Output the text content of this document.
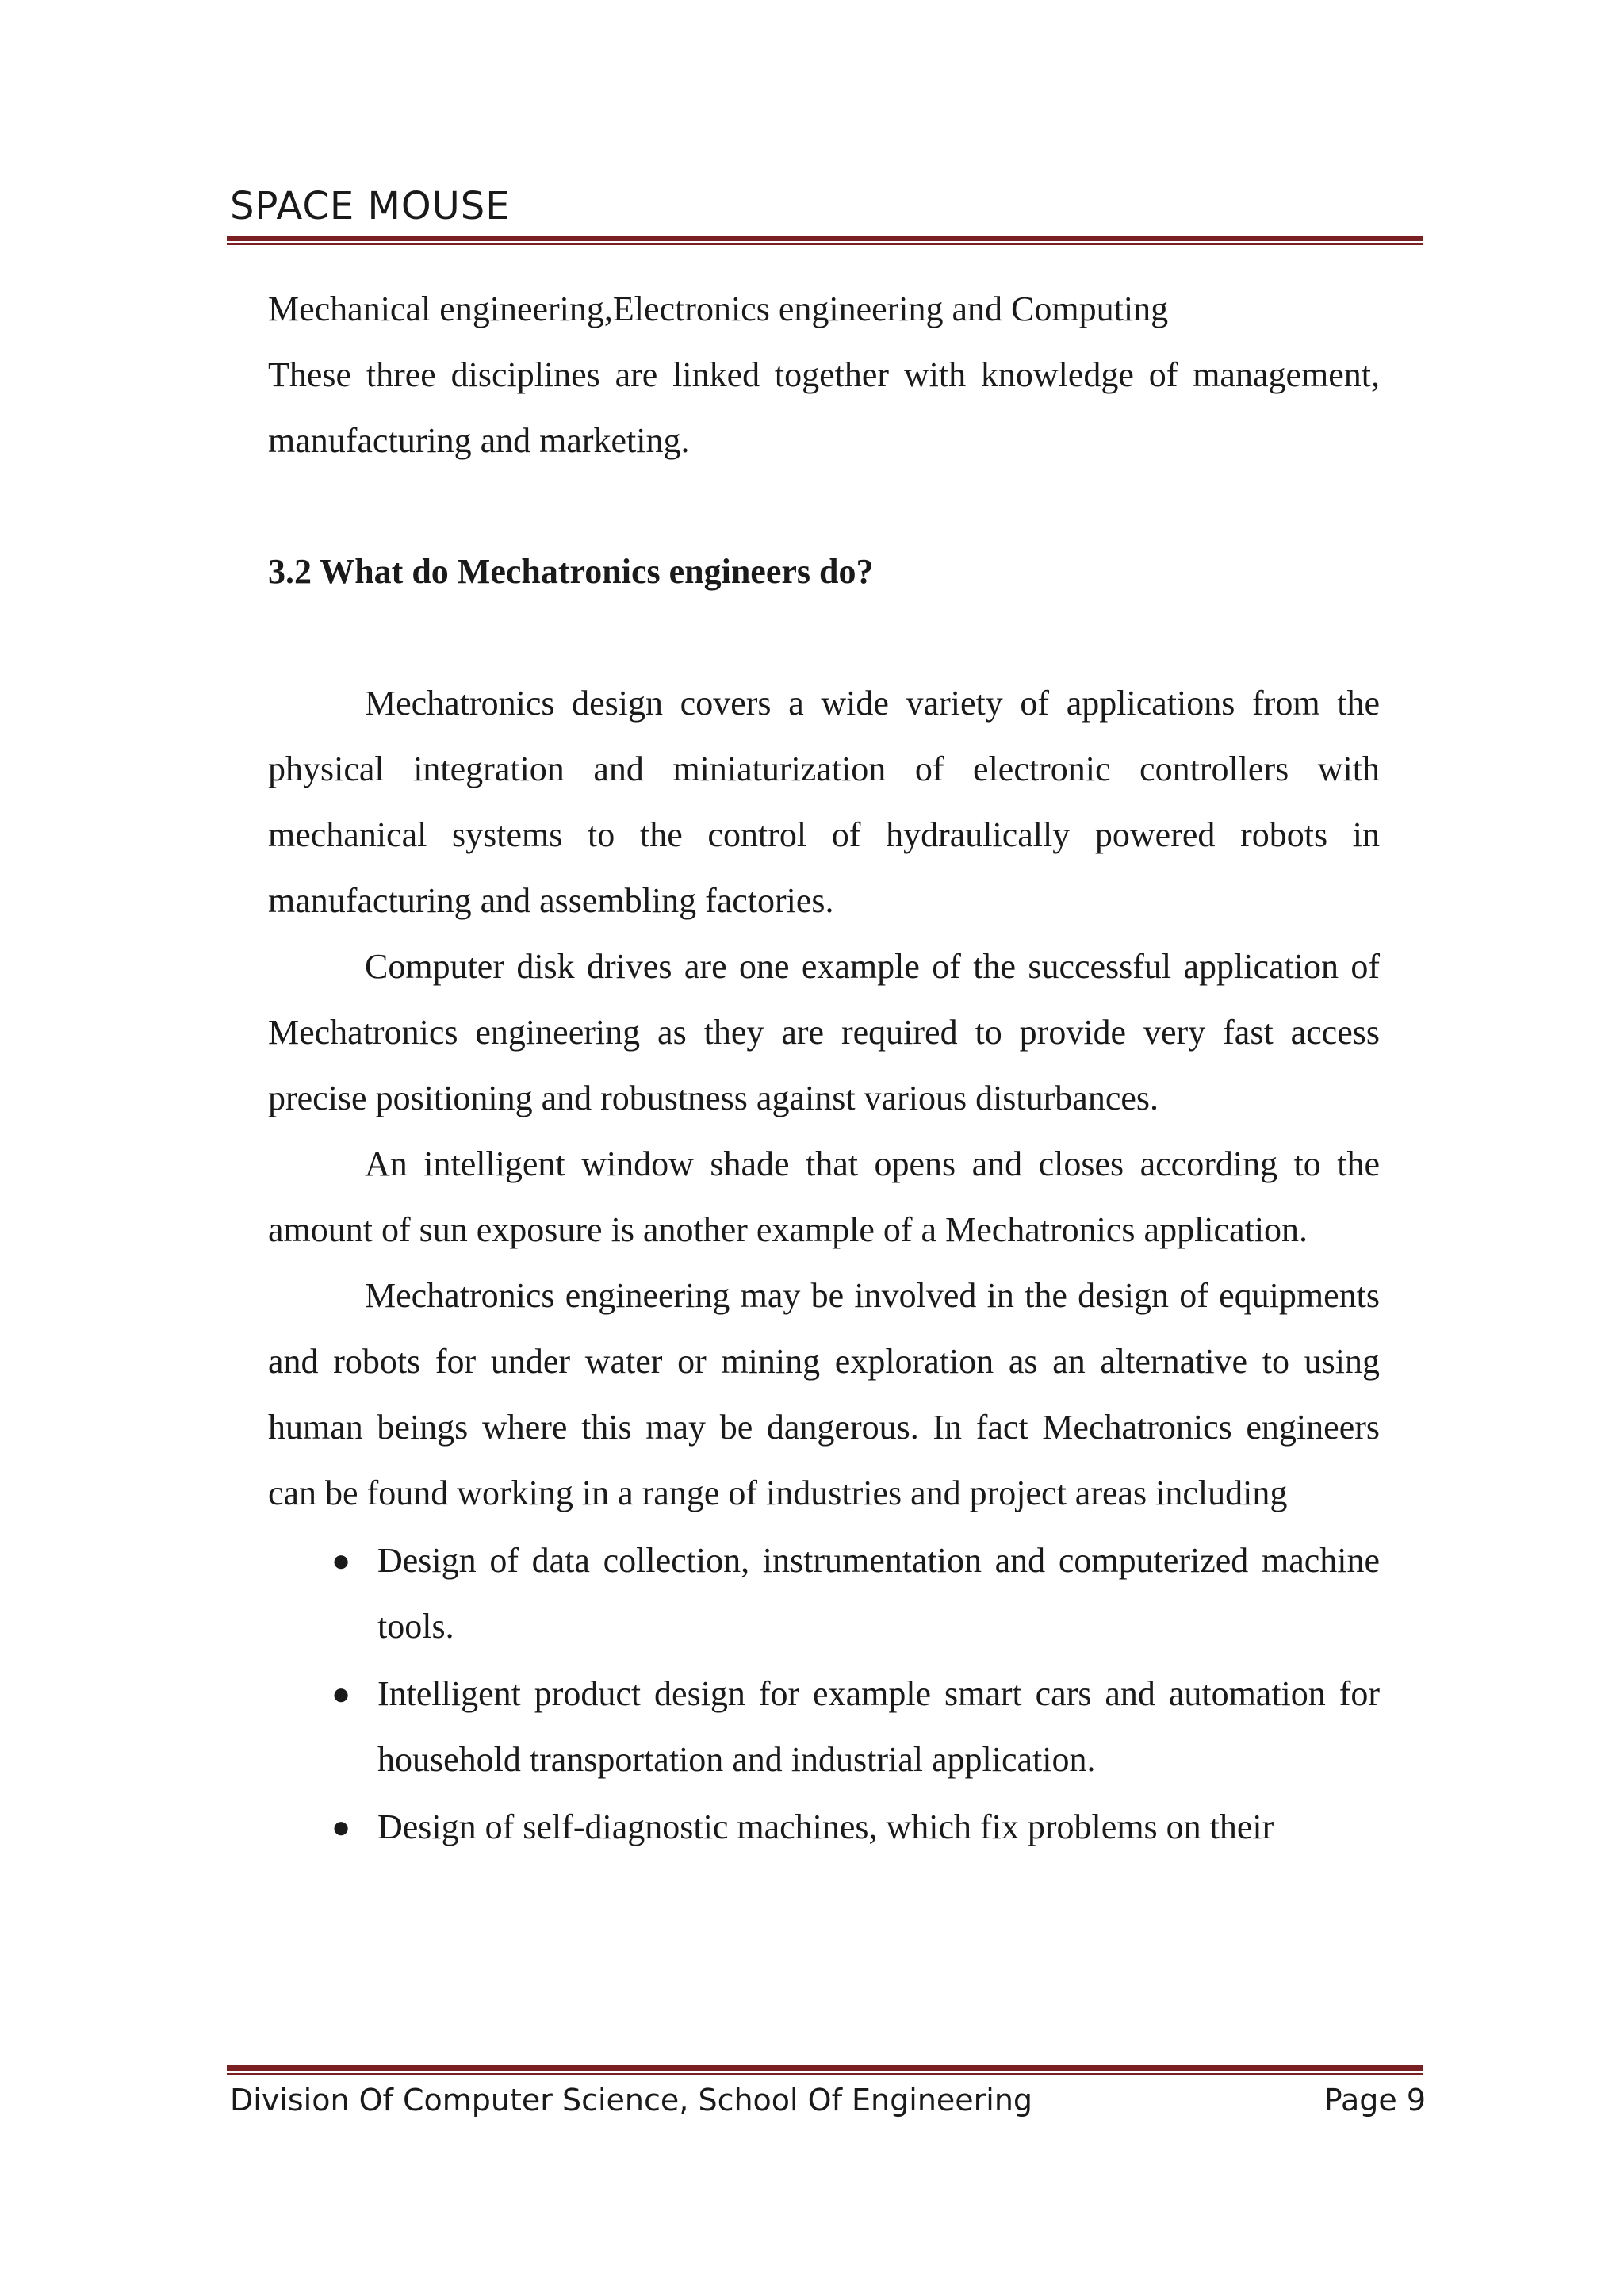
SPACE MOUSE

Mechanical engineering,Electronics engineering and Computing

These three disciplines are linked together with knowledge of management, manufacturing and marketing.

3.2 What do Mechatronics engineers do?

Mechatronics design covers a wide variety of applications from the physical integration and miniaturization of electronic controllers with mechanical systems to the control of hydraulically powered robots in manufacturing and assembling factories.

Computer disk drives are one example of the successful application of Mechatronics engineering as they are required to provide very fast access precise positioning and robustness against various disturbances.

An intelligent window shade that opens and closes according to the amount of sun exposure is another example of a Mechatronics application.

Mechatronics engineering may be involved in the design of equipments and robots for under water or mining exploration as an alternative to using human beings where this may be dangerous. In fact Mechatronics engineers can be found working in a range of industries and project areas including

● Design of data collection, instrumentation and computerized machine tools.
● Intelligent product design for example smart cars and automation for household transportation and industrial application.
● Design of self-diagnostic machines, which fix problems on their
Division Of Computer Science, School Of Engineering	Page 9
